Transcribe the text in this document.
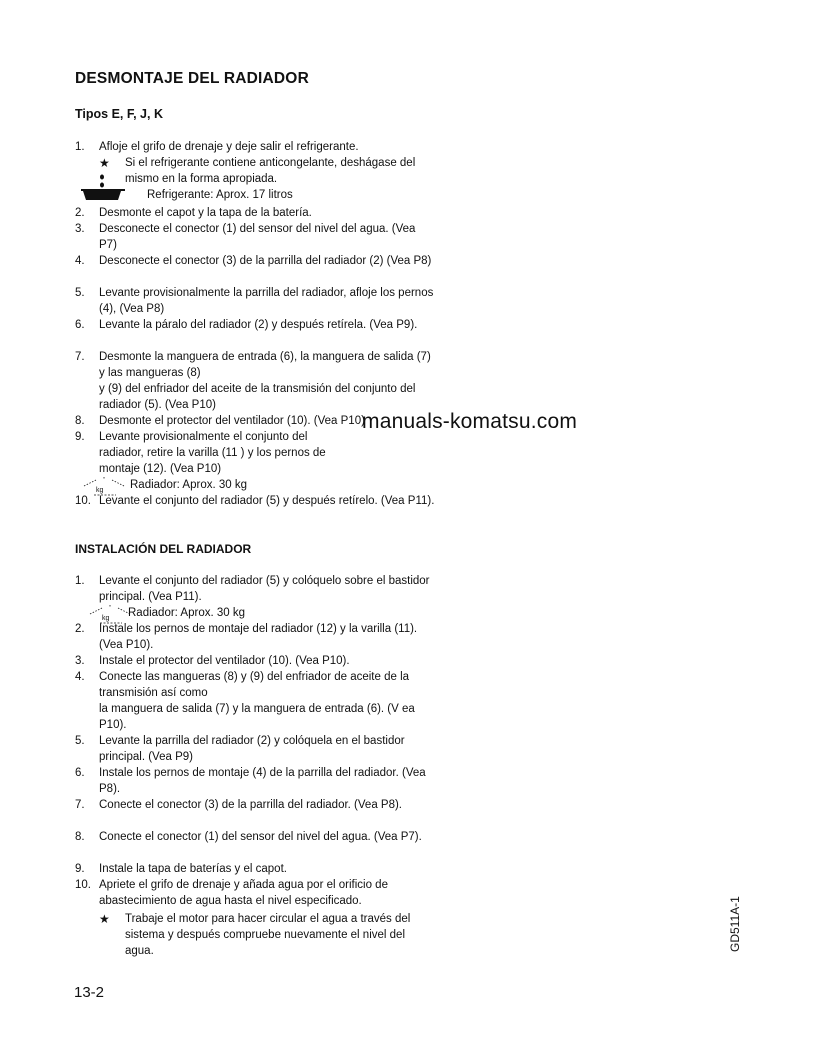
DESMONTAJE DEL RADIADOR
Tipos E, F, J, K
1. Afloje el grifo de drenaje y deje salir el refrigerante.
★ Si el refrigerante contiene anticongelante, deshágase del mismo en la forma apropiada.
Refrigerante: Aprox. 17 litros
2. Desmonte el capot y la tapa de la batería.
3. Desconecte el conector (1) del sensor del nivel del agua. (Vea P7)
4. Desconecte el conector (3) de la parrilla del radiador (2) (Vea P8)
5. Levante provisionalmente la parrilla del radiador, afloje los pernos (4), (Vea P8)
6. Levante la páralo del radiador (2) y después retírela. (Vea P9).
7. Desmonte la manguera de entrada (6), la manguera de salida (7) y las mangueras (8)
y (9) del enfriador del aceite de la transmisión del conjunto del radiador (5). (Vea P10)
8. Desmonte el protector del ventilador (10). (Vea P10)
9. Levante provisionalmente el conjunto del radiador, retire la varilla (11 ) y los pernos de
montaje (12). (Vea P10)
kg Radiador: Aprox. 30 kg
10. Levante el conjunto del radiador (5) y después retírelo. (Vea P11).
INSTALACIÓN DEL RADIADOR
1. Levante el conjunto del radiador (5) y colóquelo sobre el bastidor principal. (Vea P11).
kg Radiador: Aprox. 30 kg
2. Instale los pernos de montaje del radiador (12) y la varilla (11). (Vea P10).
3. Instale el protector del ventilador (10). (Vea P10).
4. Conecte las mangueras (8) y (9) del enfriador de aceite de la transmisión así como
la manguera de salida (7) y la manguera de entrada (6). (V ea P10).
5. Levante la parrilla del radiador (2) y colóquela en el bastidor principal. (Vea P9)
6. Instale los pernos de montaje (4) de la parrilla del radiador. (Vea P8).
7. Conecte el conector (3) de la parrilla del radiador. (Vea P8).
8. Conecte el conector (1) del sensor del nivel del agua. (Vea P7).
9. Instale la tapa de baterías y el capot.
10. Apriete el grifo de drenaje y añada agua por el orificio de abastecimiento de agua hasta el nivel especificado.
★ Trabaje el motor para hacer circular el agua a través del sistema y después compruebe nuevamente el nivel del agua.
manuals-komatsu.com
13-2
GD511A-1
